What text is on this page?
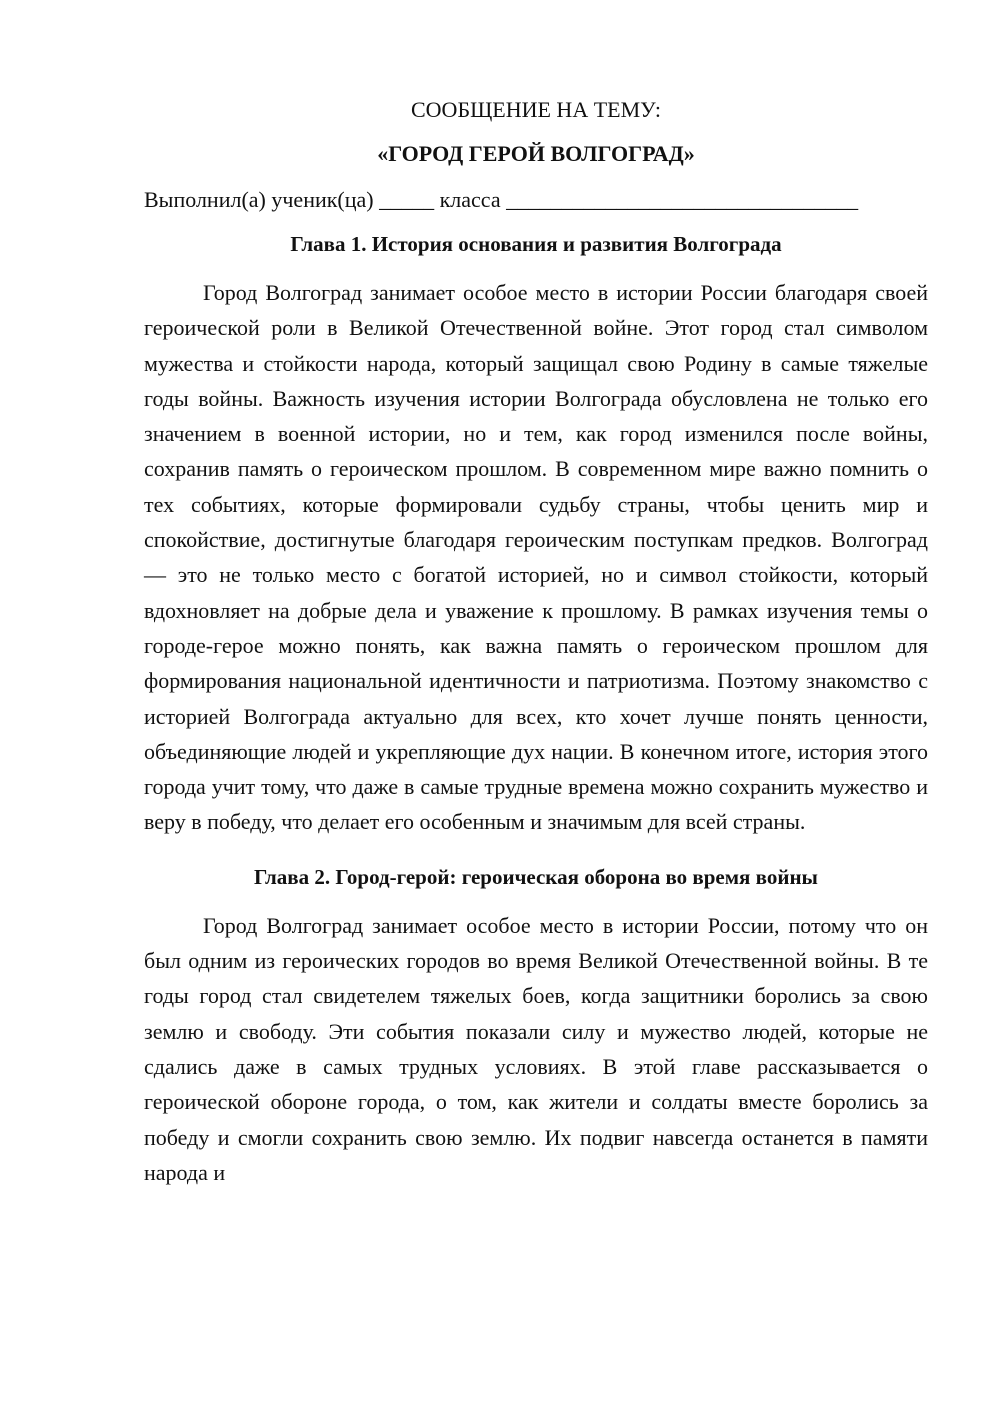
СООБЩЕНИЕ НА ТЕМУ:

«ГОРОД ГЕРОЙ ВОЛГОГРАД»

Выполнил(а) ученик(ца) _____ класса ________________________________

Глава 1. История основания и развития Волгограда

Город Волгоград занимает особое место в истории России благодаря своей героической роли в Великой Отечественной войне. Этот город стал символом мужества и стойкости народа, который защищал свою Родину в самые тяжелые годы войны. Важность изучения истории Волгограда обусловлена не только его значением в военной истории, но и тем, как город изменился после войны, сохранив память о героическом прошлом. В современном мире важно помнить о тех событиях, которые формировали судьбу страны, чтобы ценить мир и спокойствие, достигнутые благодаря героическим поступкам предков. Волгоград — это не только место с богатой историей, но и символ стойкости, который вдохновляет на добрые дела и уважение к прошлому. В рамках изучения темы о городе-герое можно понять, как важна память о героическом прошлом для формирования национальной идентичности и патриотизма. Поэтому знакомство с историей Волгограда актуально для всех, кто хочет лучше понять ценности, объединяющие людей и укрепляющие дух нации. В конечном итоге, история этого города учит тому, что даже в самые трудные времена можно сохранить мужество и веру в победу, что делает его особенным и значимым для всей страны.

Глава 2. Город-герой: героическая оборона во время войны

Город Волгоград занимает особое место в истории России, потому что он был одним из героических городов во время Великой Отечественной войны. В те годы город стал свидетелем тяжелых боев, когда защитники боролись за свою землю и свободу. Эти события показали силу и мужество людей, которые не сдались даже в самых трудных условиях. В этой главе рассказывается о героической обороне города, о том, как жители и солдаты вместе боролись за победу и смогли сохранить свою землю. Их подвиг навсегда останется в памяти народа и
